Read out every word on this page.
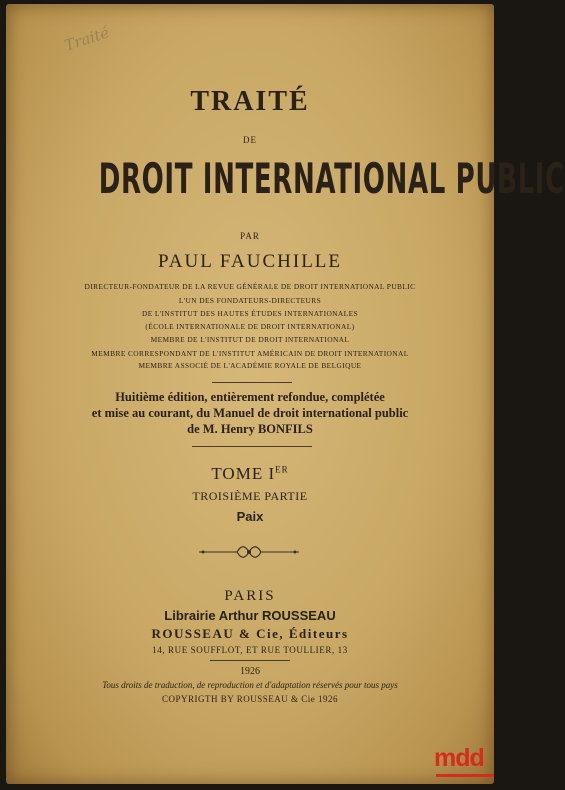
Traité
TRAITÉ
DE
DROIT INTERNATIONAL PUBLIC
PAR
PAUL FAUCHILLE
DIRECTEUR-FONDATEUR DE LA REVUE GÉNÉRALE DE DROIT INTERNATIONAL PUBLIC
L'UN DES FONDATEURS-DIRECTEURS
DE L'INSTITUT DES HAUTES ÉTUDES INTERNATIONALES
(ÉCOLE INTERNATIONALE DE DROIT INTERNATIONAL)
MEMBRE DE L'INSTITUT DE DROIT INTERNATIONAL
MEMBRE CORRESPONDANT DE L'INSTITUT AMÉRICAIN DE DROIT INTERNATIONAL
MEMBRE ASSOCIÉ DE L'ACADÉMIE ROYALE DE BELGIQUE
Huitième édition, entièrement refondue, complétée
et mise au courant, du Manuel de droit international public
de M. Henry BONFILS
TOME IER
TROISIÈME PARTIE
Paix
PARIS
Librairie Arthur ROUSSEAU
ROUSSEAU & Cie, Éditeurs
14, RUE SOUFFLOT, ET RUE TOULLIER, 13
1926
Tous droits de traduction, de reproduction et d'adaptation réservés pour tous pays
COPYRIGTH BY ROUSSEAU & Cie 1926
mdd
